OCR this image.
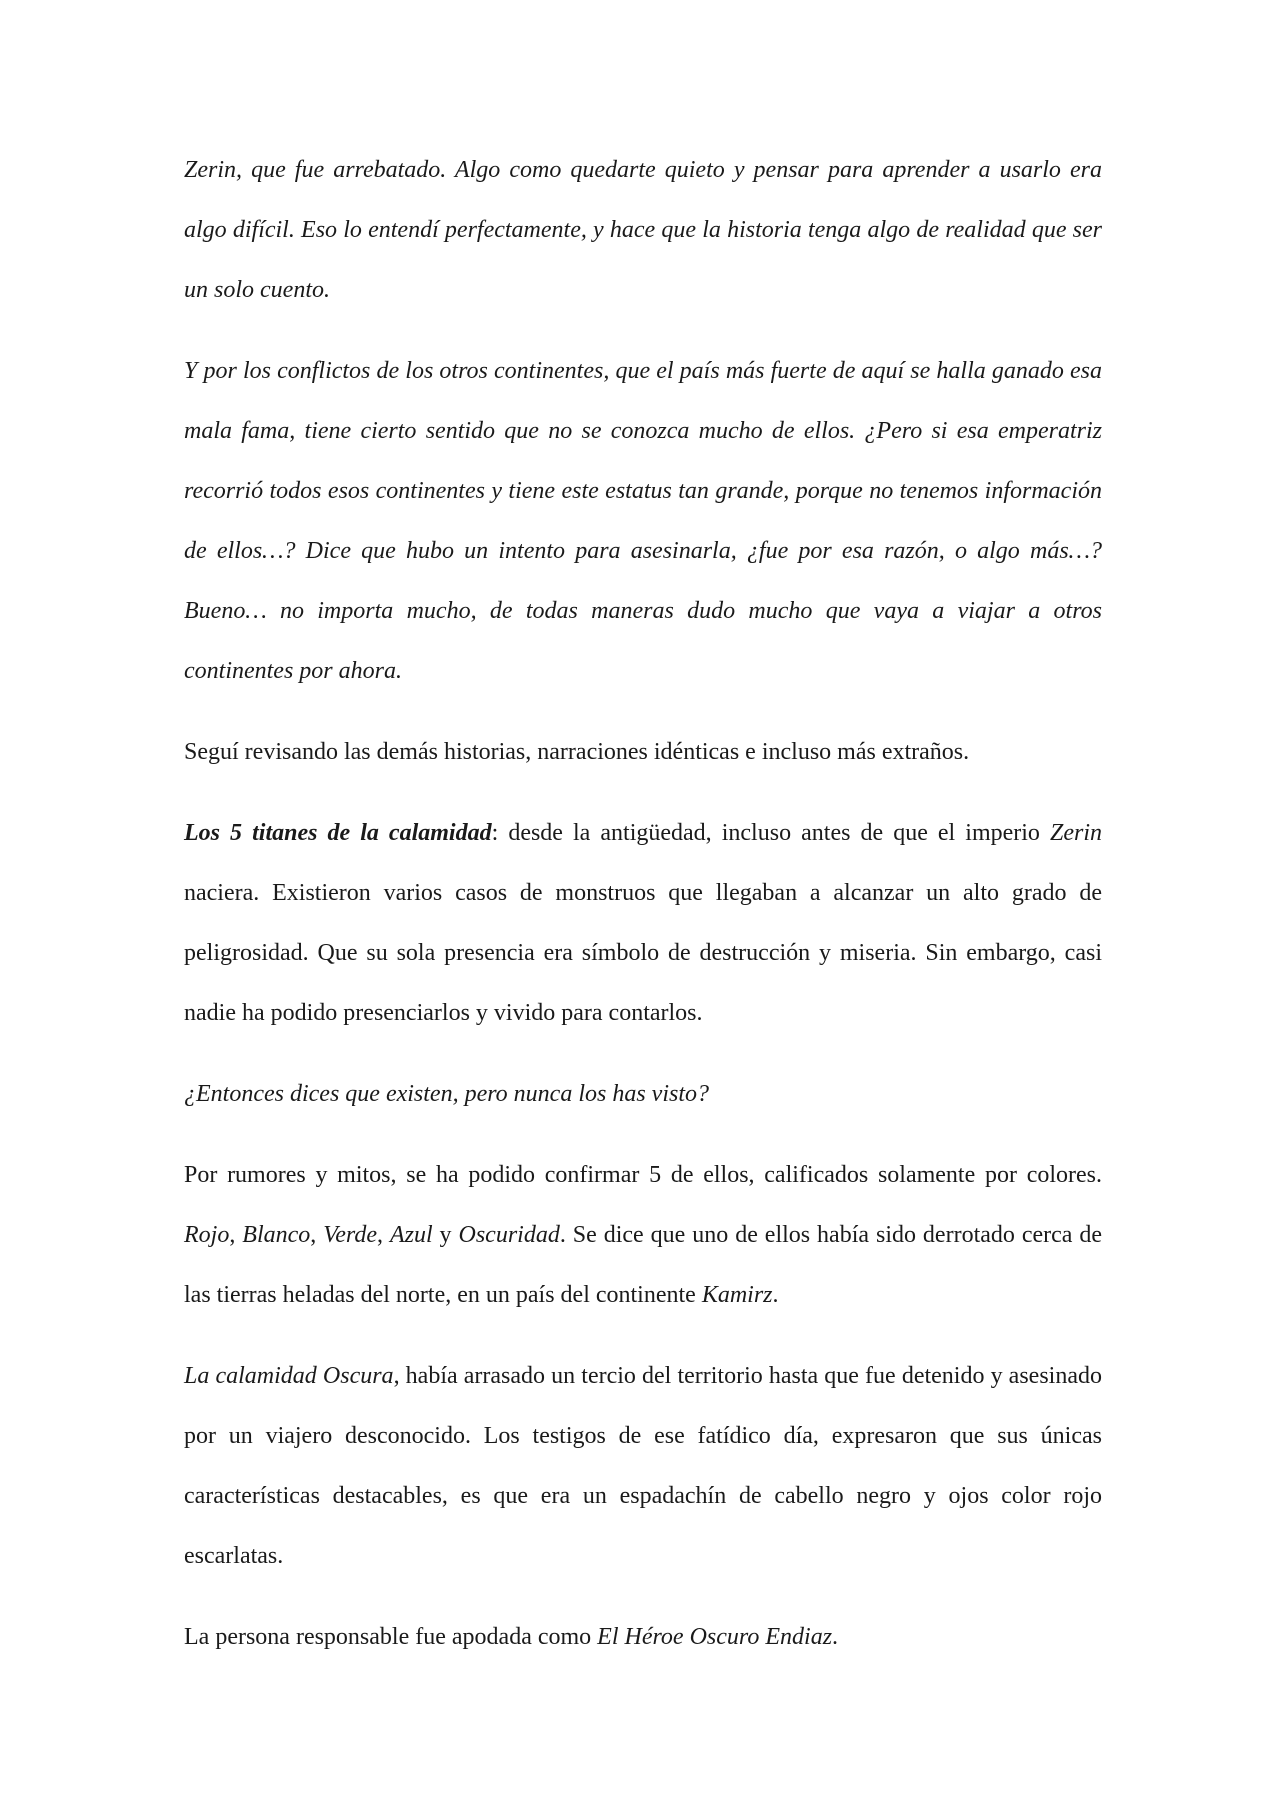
Zerin, que fue arrebatado. Algo como quedarte quieto y pensar para aprender a usarlo era algo difícil. Eso lo entendí perfectamente, y hace que la historia tenga algo de realidad que ser un solo cuento.

Y por los conflictos de los otros continentes, que el país más fuerte de aquí se halla ganado esa mala fama, tiene cierto sentido que no se conozca mucho de ellos. ¿Pero si esa emperatriz recorrió todos esos continentes y tiene este estatus tan grande, porque no tenemos información de ellos…? Dice que hubo un intento para asesinarla, ¿fue por esa razón, o algo más…? Bueno… no importa mucho, de todas maneras dudo mucho que vaya a viajar a otros continentes por ahora.

Seguí revisando las demás historias, narraciones idénticas e incluso más extraños.

Los 5 titanes de la calamidad: desde la antigüedad, incluso antes de que el imperio Zerin naciera. Existieron varios casos de monstruos que llegaban a alcanzar un alto grado de peligrosidad. Que su sola presencia era símbolo de destrucción y miseria. Sin embargo, casi nadie ha podido presenciarlos y vivido para contarlos.

¿Entonces dices que existen, pero nunca los has visto?

Por rumores y mitos, se ha podido confirmar 5 de ellos, calificados solamente por colores. Rojo, Blanco, Verde, Azul y Oscuridad. Se dice que uno de ellos había sido derrotado cerca de las tierras heladas del norte, en un país del continente Kamirz.

La calamidad Oscura, había arrasado un tercio del territorio hasta que fue detenido y asesinado por un viajero desconocido. Los testigos de ese fatídico día, expresaron que sus únicas características destacables, es que era un espadachín de cabello negro y ojos color rojo escarlatas.

La persona responsable fue apodada como El Héroe Oscuro Endiaz.
